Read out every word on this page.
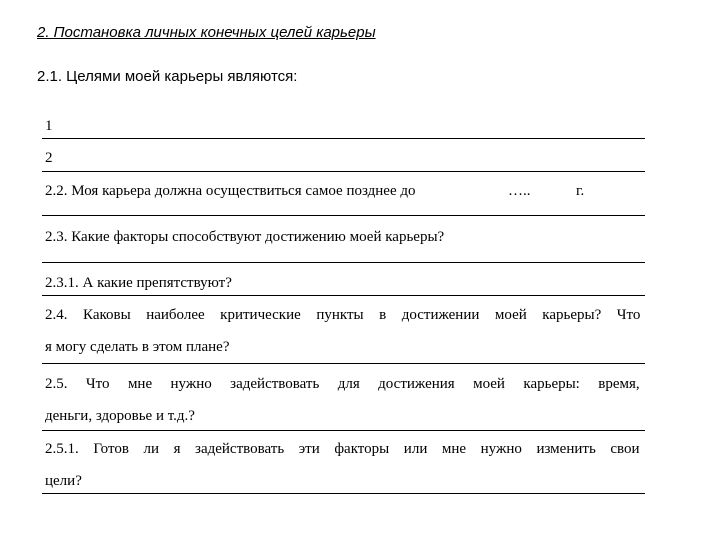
2. Постановка личных конечных целей карьеры
2.1. Целями моей карьеры являются:
1
2
2.2. Моя карьера должна осуществиться самое позднее до	…..	г.
2.3. Какие факторы способствуют достижению моей карьеры?
2.3.1. А какие препятствуют?
2.4. Каковы наиболее критические пункты в достижении моей карьеры? Что
я могу сделать в этом плане?
2.5. Что мне нужно задействовать для достижения моей карьеры: время,
деньги, здоровье и т.д.?
2.5.1. Готов ли я задействовать эти факторы или мне нужно изменить свои
цели?
